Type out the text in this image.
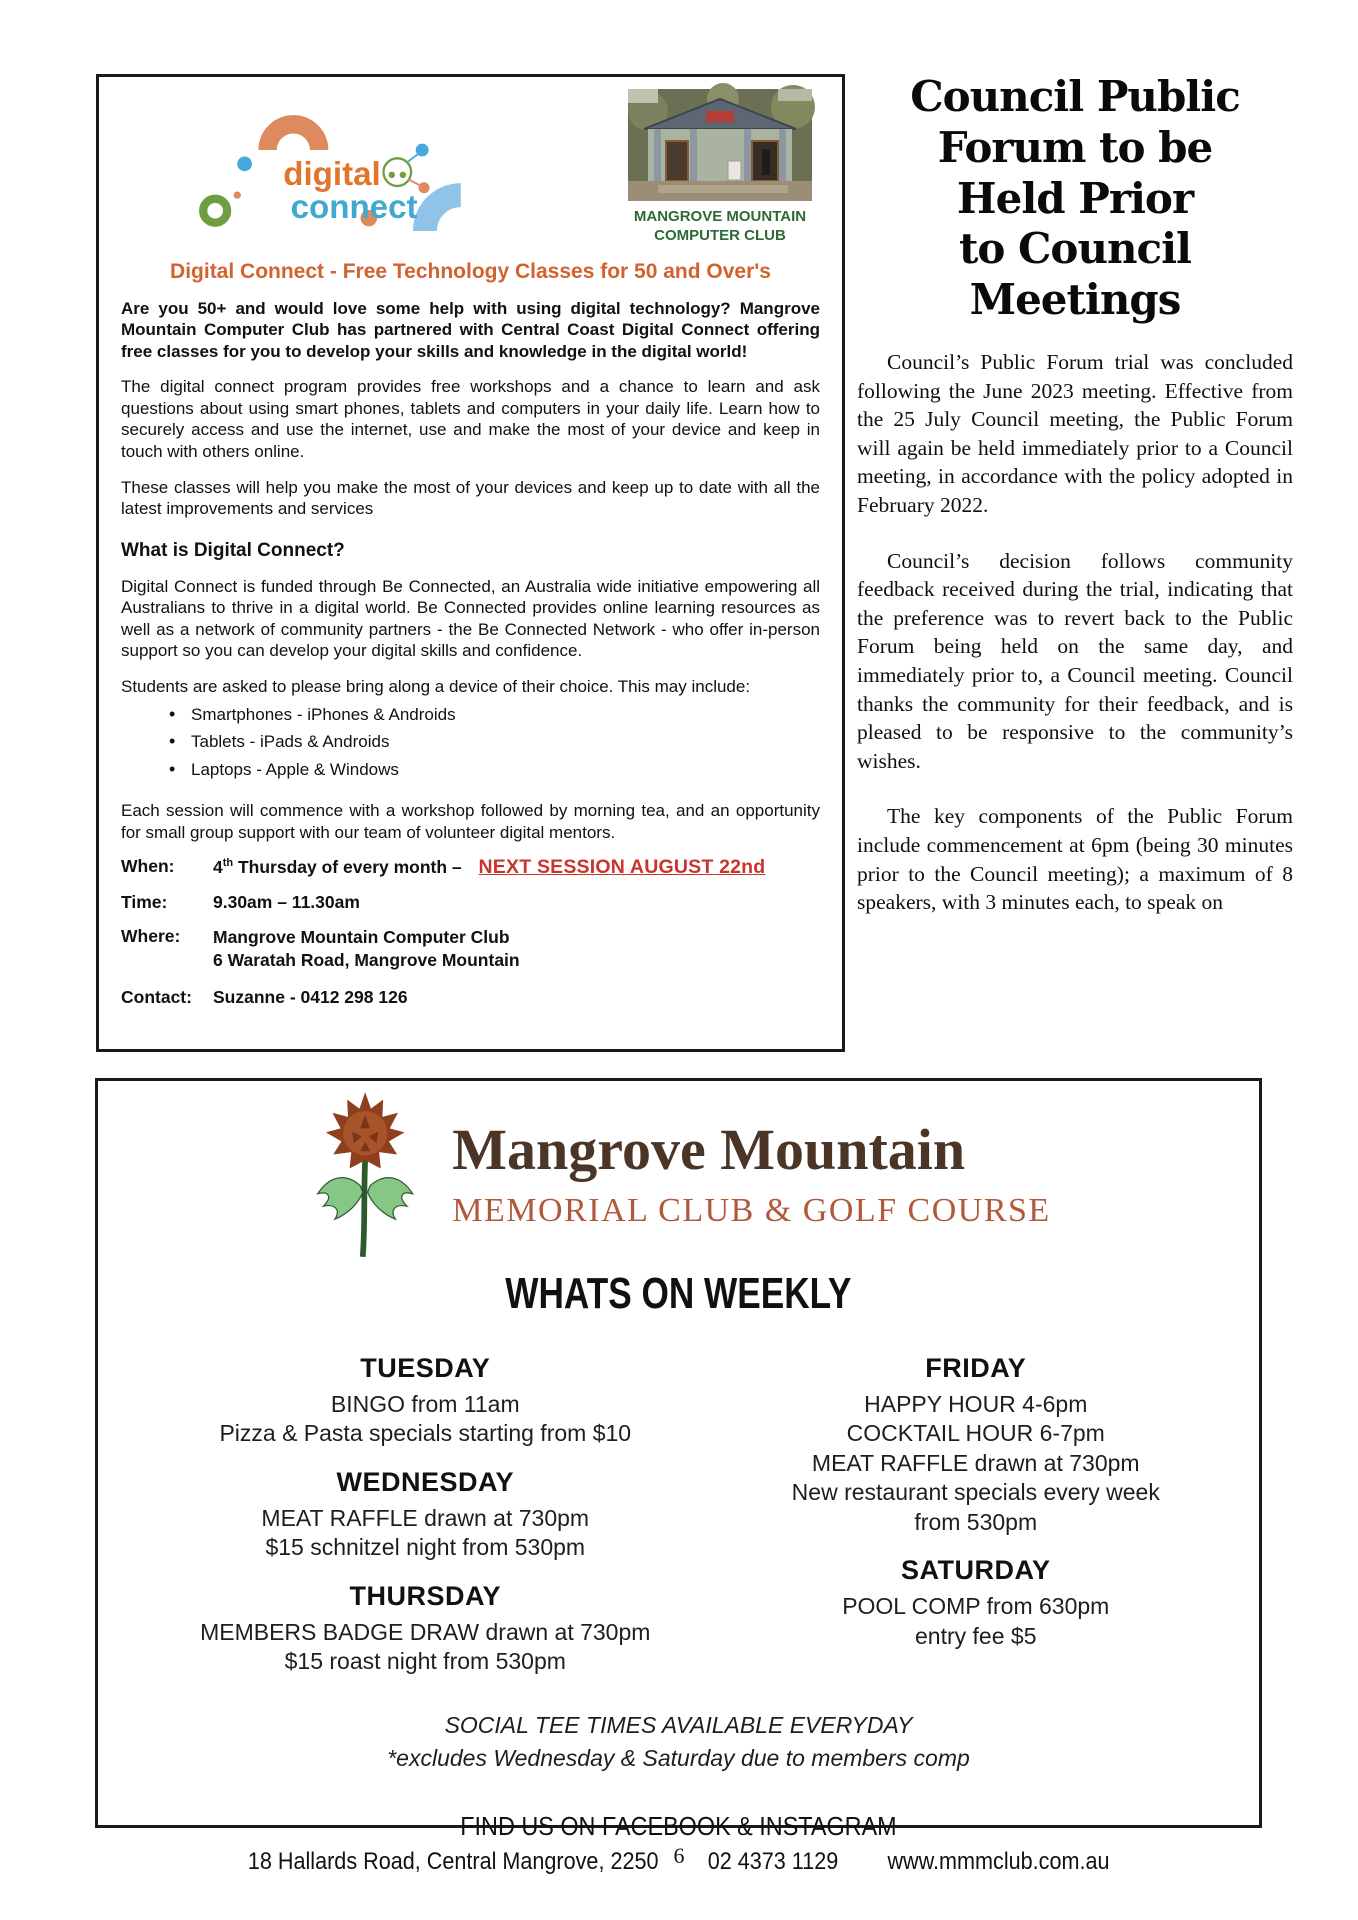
digital
connect	MANGROVE MOUNTAIN
COMPUTER CLUB
Digital Connect - Free Technology Classes for 50 and Over's

Are you 50+ and would love some help with using digital technology? Mangrove Mountain Computer Club has partnered with Central Coast Digital Connect offering free classes for you to develop your skills and knowledge in the digital world!

The digital connect program provides free workshops and a chance to learn and ask questions about using smart phones, tablets and computers in your daily life. Learn how to securely access and use the internet, use and make the most of your device and keep in touch with others online.

These classes will help you make the most of your devices and keep up to date with all the latest improvements and services

What is Digital Connect?

Digital Connect is funded through Be Connected, an Australia wide initiative empowering all Australians to thrive in a digital world. Be Connected provides online learning resources as well as a network of community partners - the Be Connected Network - who offer in-person support so you can develop your digital skills and confidence.

Students are asked to please bring along a device of their choice. This may include:

• Smartphones - iPhones & Androids
• Tablets - iPads & Androids
• Laptops - Apple & Windows

Each session will commence with a workshop followed by morning tea, and an opportunity for small group support with our team of volunteer digital mentors.

When:	4th Thursday of every month – NEXT SESSION AUGUST 22nd
Time:	9.30am – 11.30am
Where:	Mangrove Mountain Computer Club
6 Waratah Road, Mangrove Mountain
Contact:	Suzanne - 0412 298 126
Council Public
Forum to be
Held Prior
to Council
Meetings

Council’s Public Forum trial was concluded following the June 2023 meeting. Effective from the 25 July Council meeting, the Public Forum will again be held immediately prior to a Council meeting, in accordance with the policy adopted in February 2022.

Council’s decision follows community feedback received during the trial, indicating that the preference was to revert back to the Public Forum being held on the same day, and immediately prior to, a Council meeting. Council thanks the community for their feedback, and is pleased to be responsive to the community’s wishes.

The key components of the Public Forum include commencement at 6pm (being 30 minutes prior to the Council meeting); a maximum of 8 speakers, with 3 minutes each, to speak on

Mangrove Mountain
MEMORIAL CLUB & GOLF COURSE
WHATS ON WEEKLY
TUESDAY
BINGO from 11am
Pizza & Pasta specials starting from $10
WEDNESDAY
MEAT RAFFLE drawn at 730pm
$15 schnitzel night from 530pm
THURSDAY
MEMBERS BADGE DRAW drawn at 730pm
$15 roast night from 530pm
FRIDAY
HAPPY HOUR 4-6pm
COCKTAIL HOUR 6-7pm
MEAT RAFFLE drawn at 730pm
New restaurant specials every week
from 530pm
SATURDAY
POOL COMP from 630pm
entry fee $5
SOCIAL TEE TIMES AVAILABLE EVERYDAY
*excludes Wednesday & Saturday due to members comp
FIND US ON FACEBOOK & INSTAGRAM
18 Hallards Road, Central Mangrove, 2250 02 4373 1129 www.mmmclub.com.au
6
